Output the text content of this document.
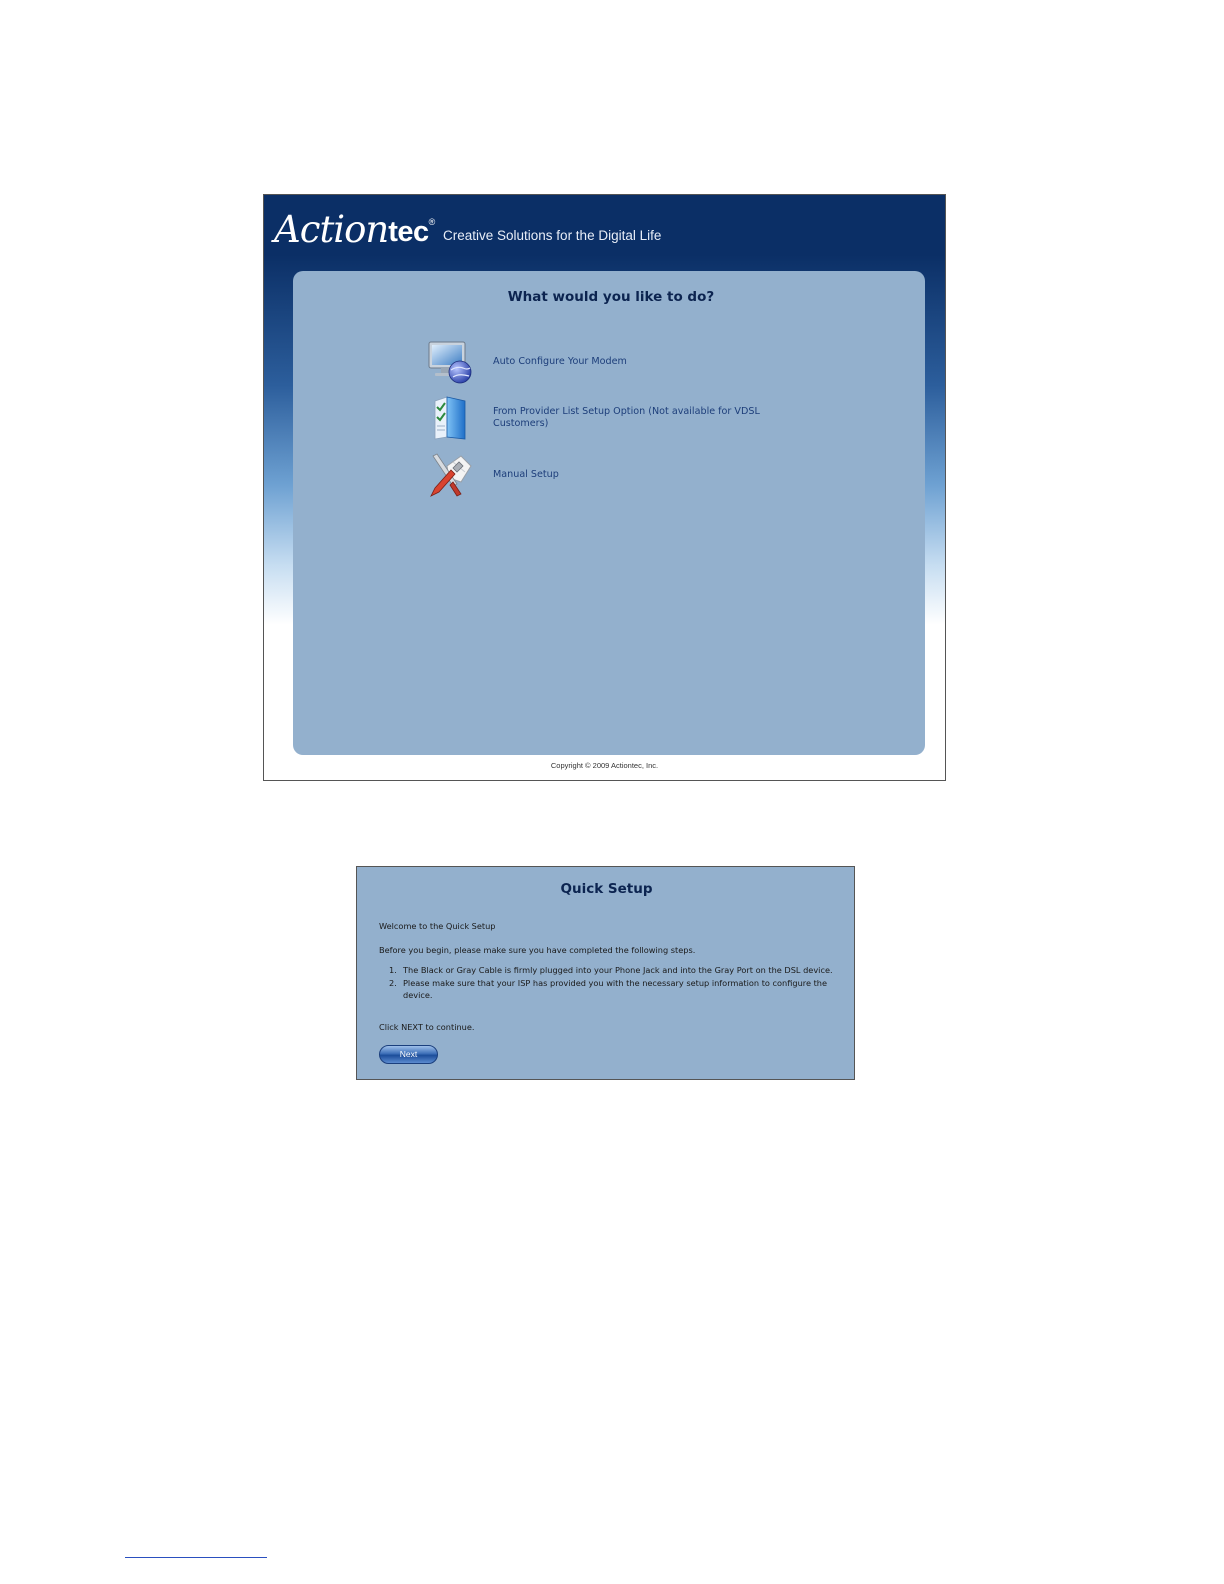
Action tec ®
Creative Solutions for the Digital Life
What would you like to do?
Auto Configure Your Modem
From Provider List Setup Option (Not available for VDSL Customers)
Manual Setup
Copyright © 2009 Actiontec, Inc.
Quick Setup
Welcome to the Quick Setup
Before you begin, please make sure you have completed the following steps.
1. The Black or Gray Cable is firmly plugged into your Phone Jack and into the Gray Port on the DSL device.
2. Please make sure that your ISP has provided you with the necessary setup information to configure the device.
Click NEXT to continue.
Next
